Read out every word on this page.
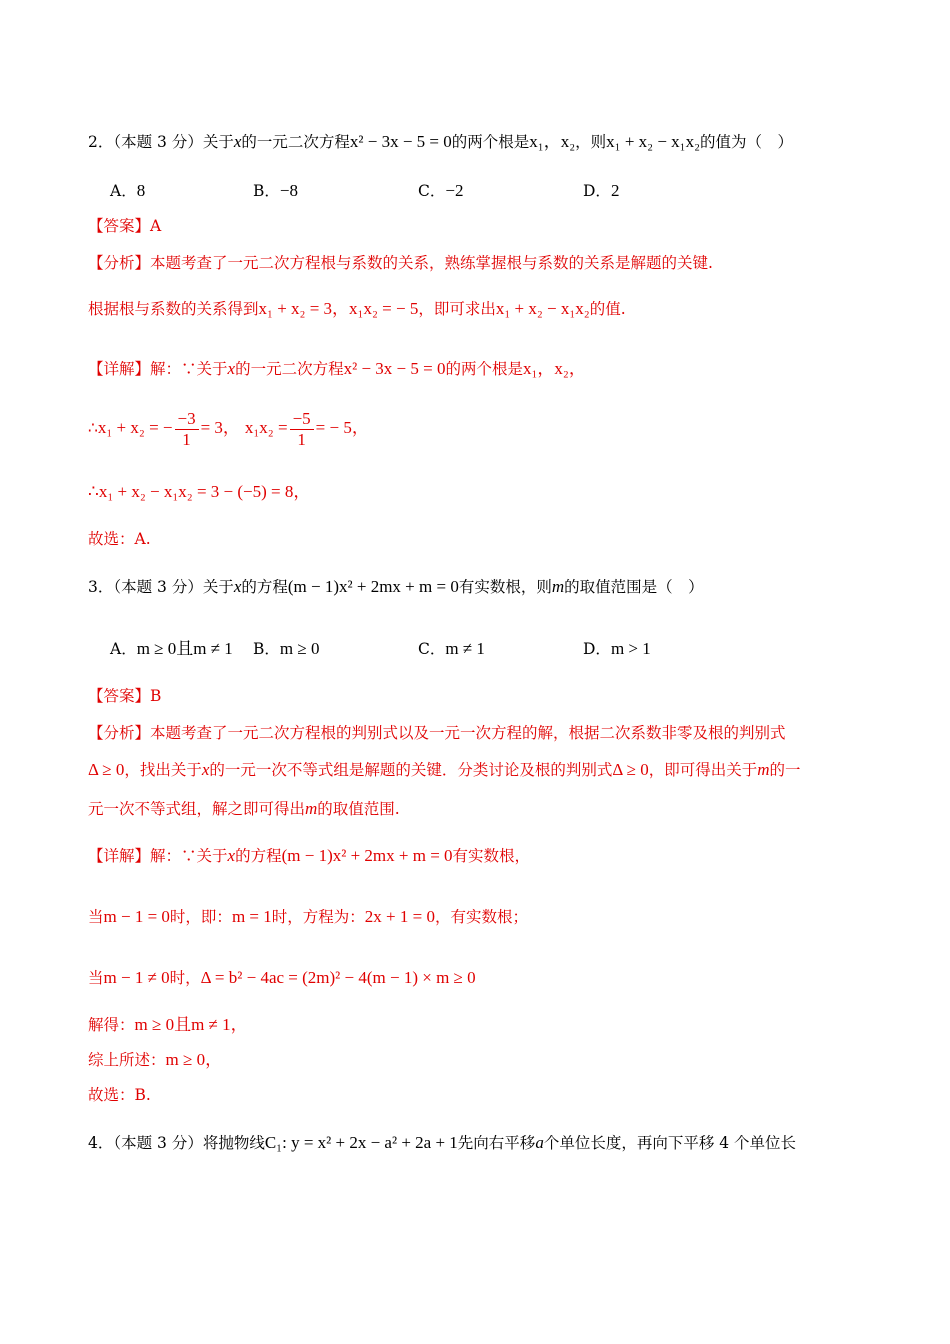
2．（本题 3 分）关于x的一元二次方程x² − 3x − 5 = 0的两个根是x₁，x₂，则x₁ + x₂ − x₁x₂的值为（　）
A．8	B．−8	C．−2	D．2
【答案】A
【分析】本题考查了一元二次方程根与系数的关系，熟练掌握根与系数的关系是解题的关键.
根据根与系数的关系得到x₁ + x₂ = 3，x₁x₂ = − 5，即可求出x₁ + x₂ − x₁x₂的值.
【详解】解：∵关于x的一元二次方程x² − 3x − 5 = 0的两个根是x₁，x₂，
∴x₁ + x₂ = − $\frac{-3}{1} = 3$， $x_1x_2 = \frac{-5}{1}$ = − 5，
∴x₁ + x₂ − x₁x₂ = 3 − (−5) = 8，
故选：A.
3．（本题 3 分）关于x的方程(m − 1)x² + 2mx + m = 0有实数根，则m的取值范围是（　）
A．m ≥ 0且m ≠ 1 B．m ≥ 0	C．m ≠ 1	D．m > 1
【答案】B
【分析】本题考查了一元二次方程根的判别式以及一元一次方程的解，根据二次系数非零及根的判别式
Δ ≥ 0，找出关于x的一元一次不等式组是解题的关键．分类讨论及根的判别式Δ ≥ 0，即可得出关于m的一
元一次不等式组，解之即可得出m的取值范围.
【详解】解：∵关于x的方程(m − 1)x² + 2mx + m = 0有实数根，
当m − 1 = 0时，即：m = 1时，方程为：2x + 1 = 0，有实数根；
当m − 1 ≠ 0时，Δ = b² − 4ac = (2m)² − 4(m − 1) × m ≥ 0
解得：m ≥ 0且m ≠ 1，
综上所述：m ≥ 0，
故选：B.
4．（本题 3 分）将抛物线C₁: y = x² + 2x − a² + 2a + 1先向右平移a个单位长度，再向下平移 4 个单位长
